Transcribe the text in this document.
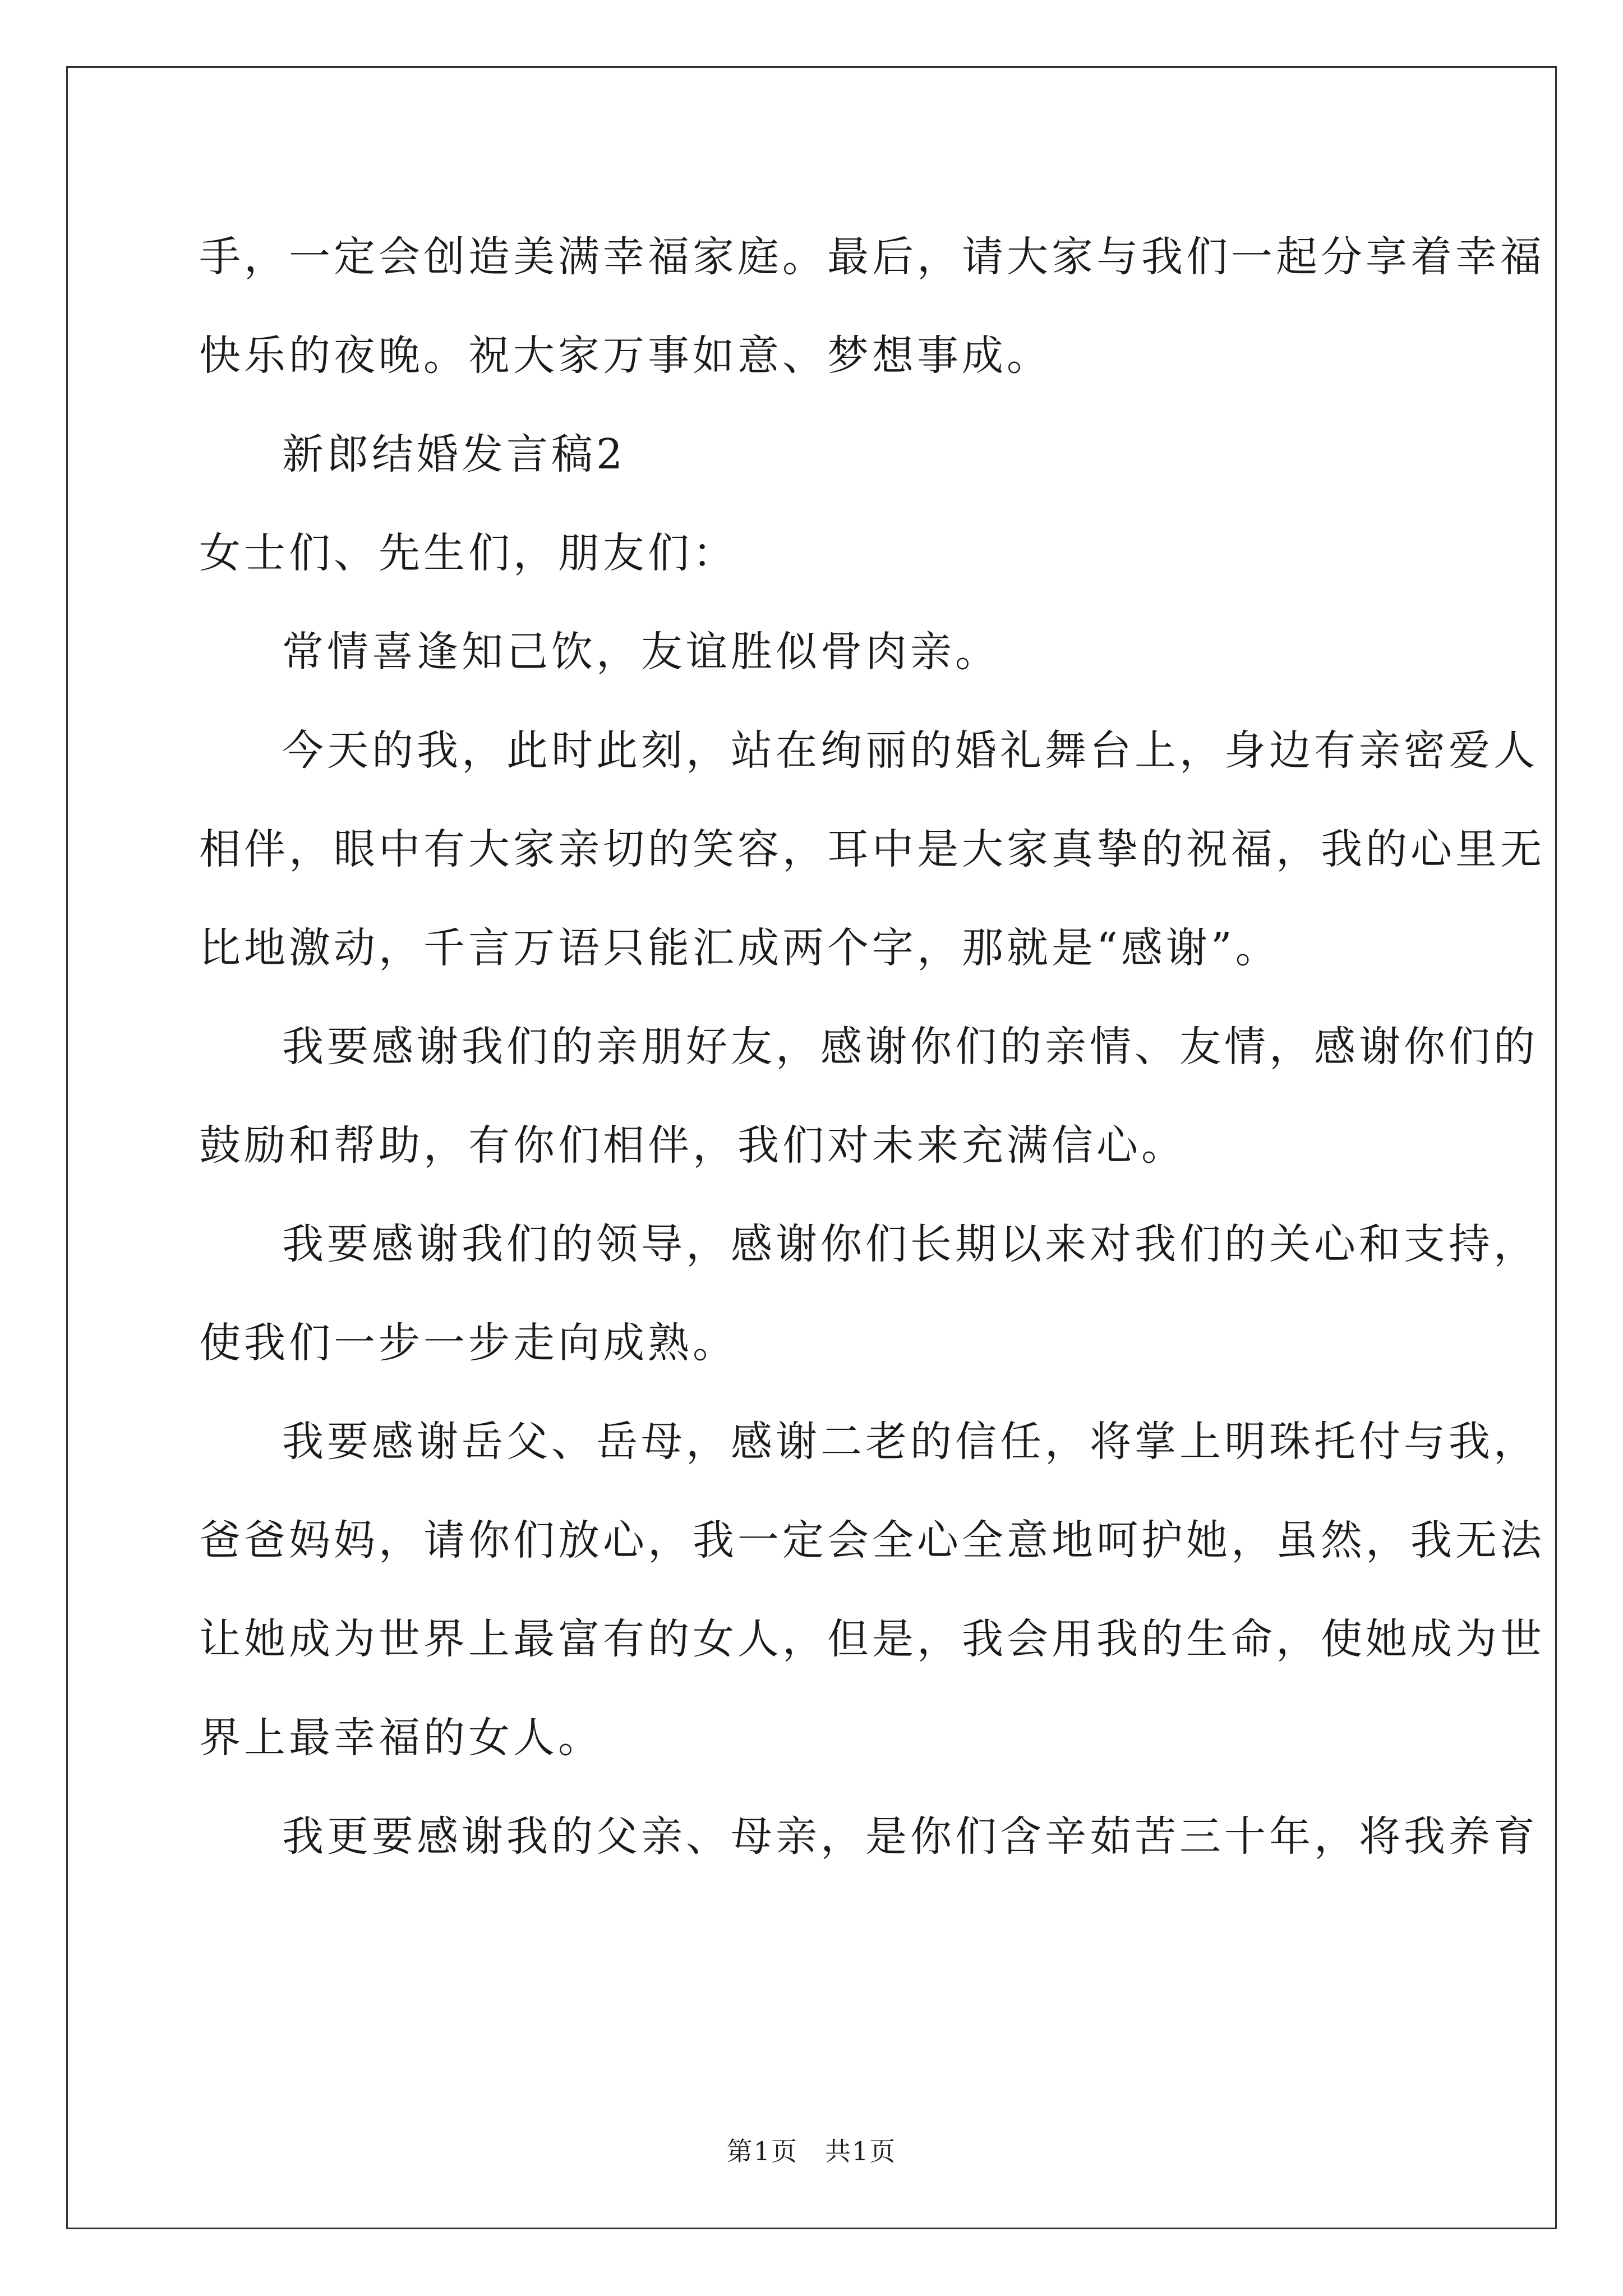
手，一定会创造美满幸福家庭。最后，请大家与我们一起分享着幸福
快乐的夜晚。祝大家万事如意、梦想事成。
新郎结婚发言稿2
女士们、先生们，朋友们：
常情喜逢知己饮，友谊胜似骨肉亲。
今天的我，此时此刻，站在绚丽的婚礼舞台上，身边有亲密爱人
相伴，眼中有大家亲切的笑容，耳中是大家真挚的祝福，我的心里无
比地激动，千言万语只能汇成两个字，那就是“感谢”。
我要感谢我们的亲朋好友，感谢你们的亲情、友情，感谢你们的
鼓励和帮助，有你们相伴，我们对未来充满信心。
我要感谢我们的领导，感谢你们长期以来对我们的关心和支持，
使我们一步一步走向成熟。
我要感谢岳父、岳母，感谢二老的信任，将掌上明珠托付与我，
爸爸妈妈，请你们放心，我一定会全心全意地呵护她，虽然，我无法
让她成为世界上最富有的女人，但是，我会用我的生命，使她成为世
界上最幸福的女人。
我更要感谢我的父亲、母亲，是你们含辛茹苦三十年，将我养育
第1页　共1页
